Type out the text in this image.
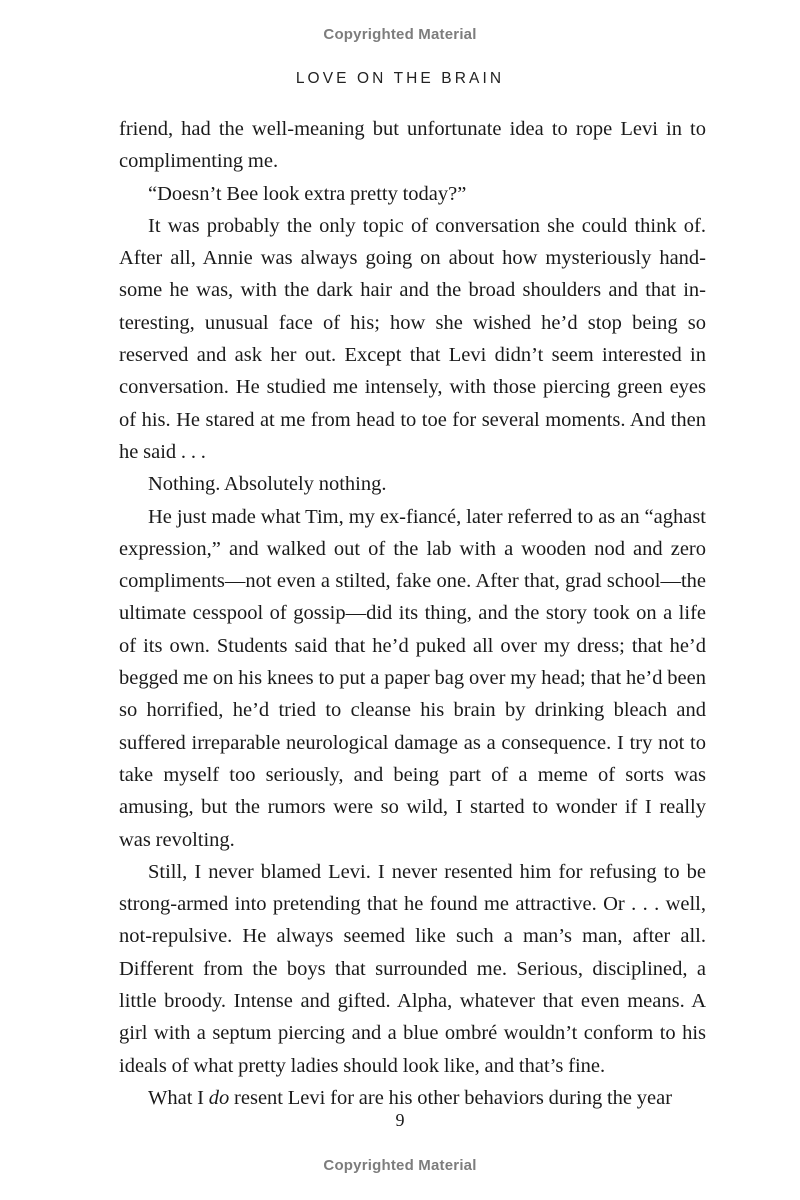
Copyrighted Material
LOVE ON THE BRAIN

friend, had the well-meaning but unfortunate idea to rope Levi in to complimenting me.

“Doesn’t Bee look extra pretty today?”

It was probably the only topic of conversation she could think of. After all, Annie was always going on about how mysteriously handsome he was, with the dark hair and the broad shoulders and that interesting, unusual face of his; how she wished he’d stop being so reserved and ask her out. Except that Levi didn’t seem interested in conversation. He studied me intensely, with those piercing green eyes of his. He stared at me from head to toe for several moments. And then he said . . .

Nothing. Absolutely nothing.

He just made what Tim, my ex-fiancé, later referred to as an “aghast expression,” and walked out of the lab with a wooden nod and zero compliments—not even a stilted, fake one. After that, grad school—the ultimate cesspool of gossip—did its thing, and the story took on a life of its own. Students said that he’d puked all over my dress; that he’d begged me on his knees to put a paper bag over my head; that he’d been so horrified, he’d tried to cleanse his brain by drinking bleach and suffered irreparable neurological damage as a consequence. I try not to take myself too seriously, and being part of a meme of sorts was amusing, but the rumors were so wild, I started to wonder if I really was revolting.

Still, I never blamed Levi. I never resented him for refusing to be strong-armed into pretending that he found me attractive. Or . . . well, not-repulsive. He always seemed like such a man’s man, after all. Different from the boys that surrounded me. Serious, disciplined, a little broody. Intense and gifted. Alpha, whatever that even means. A girl with a septum piercing and a blue ombré wouldn’t conform to his ideals of what pretty ladies should look like, and that’s fine.

What I do resent Levi for are his other behaviors during the year

9
Copyrighted Material
